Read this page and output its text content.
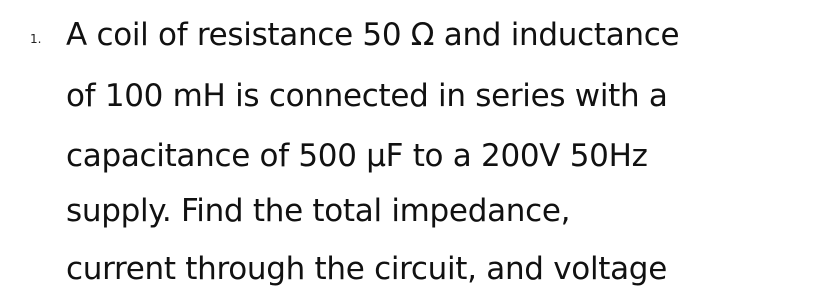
1. A coil of resistance 50 Ω and inductance
of 100 mH is connected in series with a
capacitance of 500 µF to a 200V 50Hz
supply. Find the total impedance,
current through the circuit, and voltage
